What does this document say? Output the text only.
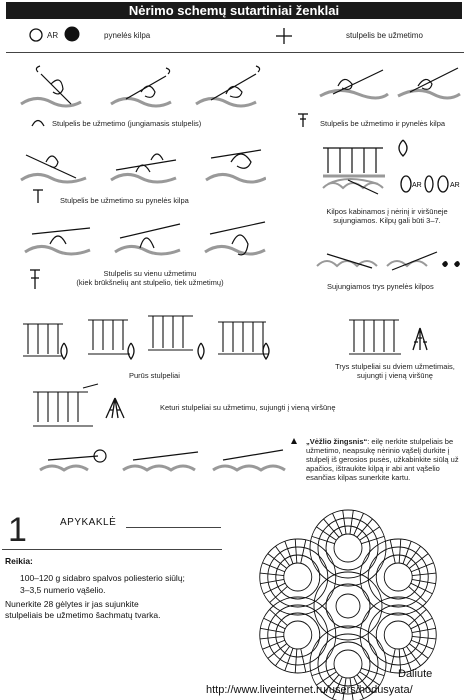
Nėrimo schemų sutartiniai ženklai
AR	pynelės kilpa	stulpelis be užmetimo
Stulpelis be užmetimo (jungiamasis stulpelis)	Stulpelis be užmetimo ir pynelės kilpa
AR	AR
Stulpelis be užmetimo su pynelės kilpa
Kilpos kabinamos į nėrinį ir viršūneje sujungiamos. Kilpų gali būti 3–7.
Stulpelis su vienu užmetimu
(kiek brūkšnelių ant stulpelio, tiek užmetimų)	Sujungiamos trys pynelės kilpos
Purūs stulpeliai
Trys stulpeliai su dviem užmetimais,
sujungti į vieną viršūnę
Keturi stulpeliai su užmetimu, sujungti į vieną viršūnę
„Vėžlio žingsnis“: eilę nerkite stulpeliais be užmetimo, neapsukę nėrinio vąšelį durkite į stulpelį iš gerosios pusės, užkabinkite siūlą už apačios, ištraukite kilpą ir abi ant vąšelio esančias kilpas sunerkite kartu.
1	APYKAKLĖ
Reikia:
100–120 g sidabro spalvos poliesterio siūlų;
3–3,5 numerio vąšelio.
Nunerkite 28 gėlytes ir jas sujunkite
stulpeliais be užmetimo šachmatų tvarka.
Daliute
http://www.liveinternet.ru/users/hodusyata/
